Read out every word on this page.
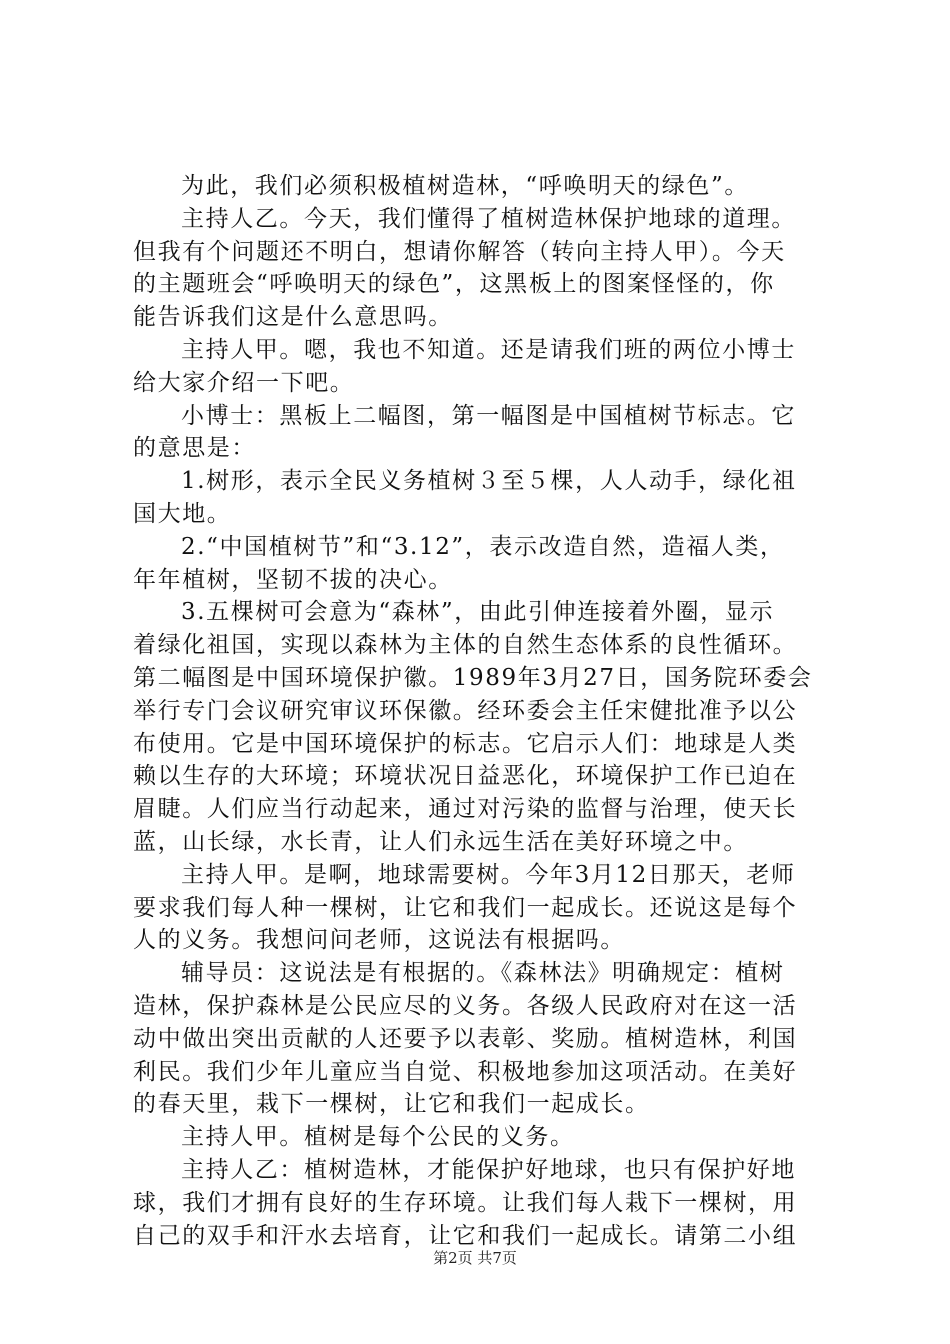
为此，我们必须积极植树造林，“呼唤明天的绿色”。
主持人乙。今天，我们懂得了植树造林保护地球的道理。
但我有个问题还不明白，想请你解答（转向主持人甲）。今天
的主题班会“呼唤明天的绿色”，这黑板上的图案怪怪的，你
能告诉我们这是什么意思吗。
主持人甲。嗯，我也不知道。还是请我们班的两位小博士
给大家介绍一下吧。
小博士：黑板上二幅图，第一幅图是中国植树节标志。它
的意思是：
1.树形，表示全民义务植树３至５棵，人人动手，绿化祖
国大地。
2.“中国植树节”和“3.12”，表示改造自然，造福人类，
年年植树，坚韧不拔的决心。
3.五棵树可会意为“森林”，由此引伸连接着外圈，显示
着绿化祖国，实现以森林为主体的自然生态体系的良性循环。
第二幅图是中国环境保护徽。1989年3月27日，国务院环委会
举行专门会议研究审议环保徽。经环委会主任宋健批准予以公
布使用。它是中国环境保护的标志。它启示人们：地球是人类
赖以生存的大环境；环境状况日益恶化，环境保护工作已迫在
眉睫。人们应当行动起来，通过对污染的监督与治理，使天长
蓝，山长绿，水长青，让人们永远生活在美好环境之中。
主持人甲。是啊，地球需要树。今年3月12日那天，老师
要求我们每人种一棵树，让它和我们一起成长。还说这是每个
人的义务。我想问问老师，这说法有根据吗。
辅导员：这说法是有根据的。《森林法》明确规定：植树
造林，保护森林是公民应尽的义务。各级人民政府对在这一活
动中做出突出贡献的人还要予以表彰、奖励。植树造林，利国
利民。我们少年儿童应当自觉、积极地参加这项活动。在美好
的春天里，栽下一棵树，让它和我们一起成长。
主持人甲。植树是每个公民的义务。
主持人乙：植树造林，才能保护好地球，也只有保护好地
球，我们才拥有良好的生存环境。让我们每人栽下一棵树，用
自己的双手和汗水去培育，让它和我们一起成长。请第二小组
第2页 共7页
